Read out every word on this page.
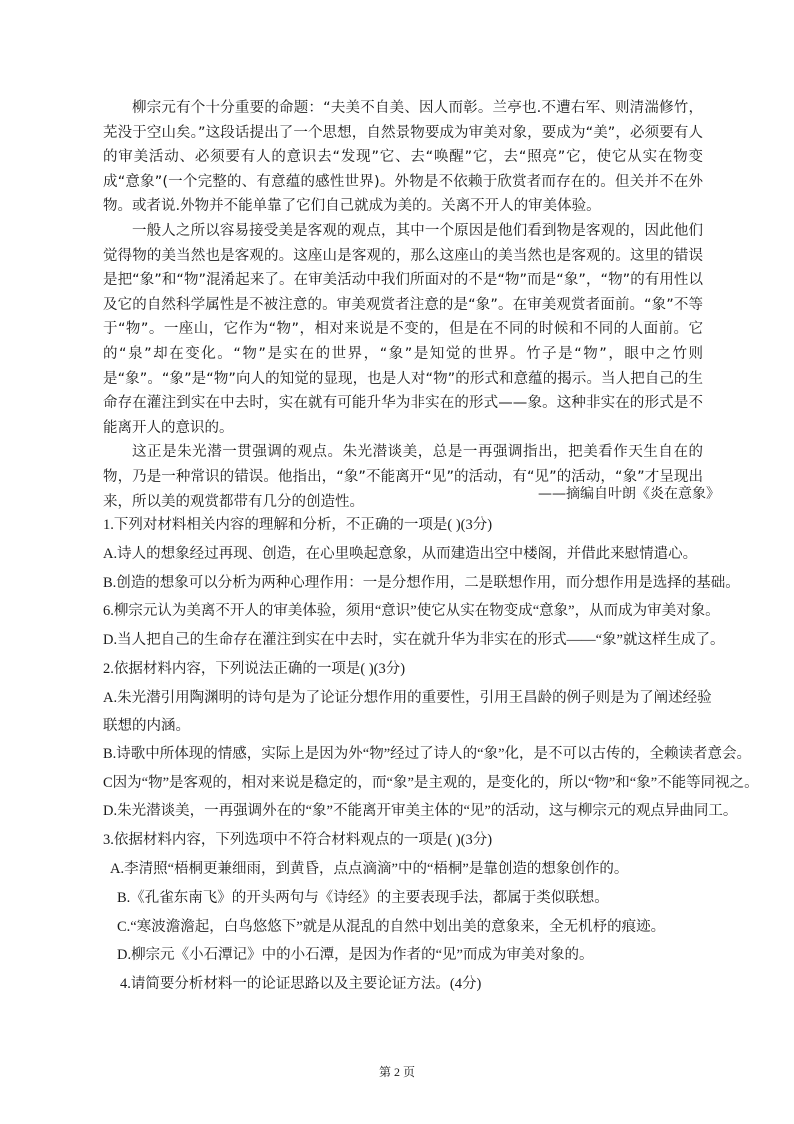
柳宗元有个十分重要的命题：“夫美不自美、因人而彰。兰亭也.不遭右军、则清湍修竹，芜没于空山矣。”这段话提出了一个思想，自然景物要成为审美对象，要成为“美”，必须要有人的审美活动、必须要有人的意识去“发现”它、去“唤醒”它，去“照亮”它，使它从实在物变成“意象”(一个完整的、有意蕴的感性世界)。外物是不依赖于欣赏者而存在的。但关并不在外物。或者说.外物并不能单靠了它们自己就成为美的。关离不开人的审美体验。

一般人之所以容易接受美是客观的观点，其中一个原因是他们看到物是客观的，因此他们觉得物的美当然也是客观的。这座山是客观的，那么这座山的美当然也是客观的。这里的错误是把“象”和“物”混淆起来了。在审美活动中我们所面对的不是“物”而是“象”，“物”的有用性以及它的自然科学属性是不被注意的。审美观赏者注意的是“象”。在审美观赏者面前。“象”不等于“物”。一座山，它作为“物”，相对来说是不变的，但是在不同的时候和不同的人面前。它的“泉”却在变化。“物”是实在的世界，“象”是知觉的世界。竹子是“物”，眼中之竹则是“象”。“象”是“物”向人的知觉的显现，也是人对“物”的形式和意蕴的揭示。当人把自己的生命存在灌注到实在中去时，实在就有可能升华为非实在的形式——象。这种非实在的形式是不能离开人的意识的。

这正是朱光潜一贯强调的观点。朱光潜谈美，总是一再强调指出，把美看作天生自在的物，乃是一种常识的错误。他指出，“象”不能离开“见”的活动，有“见”的活动，“象”才呈现出来，所以美的观赏都带有几分的创造性。	——摘编自叶朗《炎在意象》
1.下列对材料相关内容的理解和分析，不正确的一项是( )(3分)
A.诗人的想象经过再现、创造，在心里唤起意象，从而建造出空中楼阁，并借此来慰情遣心。
B.创造的想象可以分析为两种心理作用：一是分想作用，二是联想作用，而分想作用是选择的基础。
6.柳宗元认为美离不开人的审美体验，须用“意识”使它从实在物变成“意象”，从而成为审美对象。
D.当人把自己的生命存在灌注到实在中去时，实在就升华为非实在的形式——“象”就这样生成了。
2.依据材料内容，下列说法正确的一项是( )(3分)
A.朱光潜引用陶渊明的诗句是为了论证分想作用的重要性，引用王昌龄的例子则是为了阐述经验联想的内涵。
B.诗歌中所体现的情感，实际上是因为外“物”经过了诗人的“象”化，是不可以古传的，全赖读者意会。
C因为“物”是客观的，相对来说是稳定的，而“象”是主观的，是变化的，所以“物”和“象”不能等同视之。
D.朱光潜谈美，一再强调外在的“象”不能离开审美主体的“见”的活动，这与柳宗元的观点异曲同工。
3.依据材料内容，下列选项中不符合材料观点的一项是( )(3分)
A.李清照“梧桐更兼细雨，到黄昏，点点滴滴”中的“梧桐”是靠创造的想象创作的。
B.《孔雀东南飞》的开头两句与《诗经》的主要表现手法，都属于类似联想。
C.“寒波澹澹起，白鸟悠悠下”就是从混乱的自然中划出美的意象来，全无机杼的痕迹。
D.柳宗元《小石潭记》中的小石潭，是因为作者的“见”而成为审美对象的。
4.请简要分析材料一的论证思路以及主要论证方法。(4分)
第 2 页
